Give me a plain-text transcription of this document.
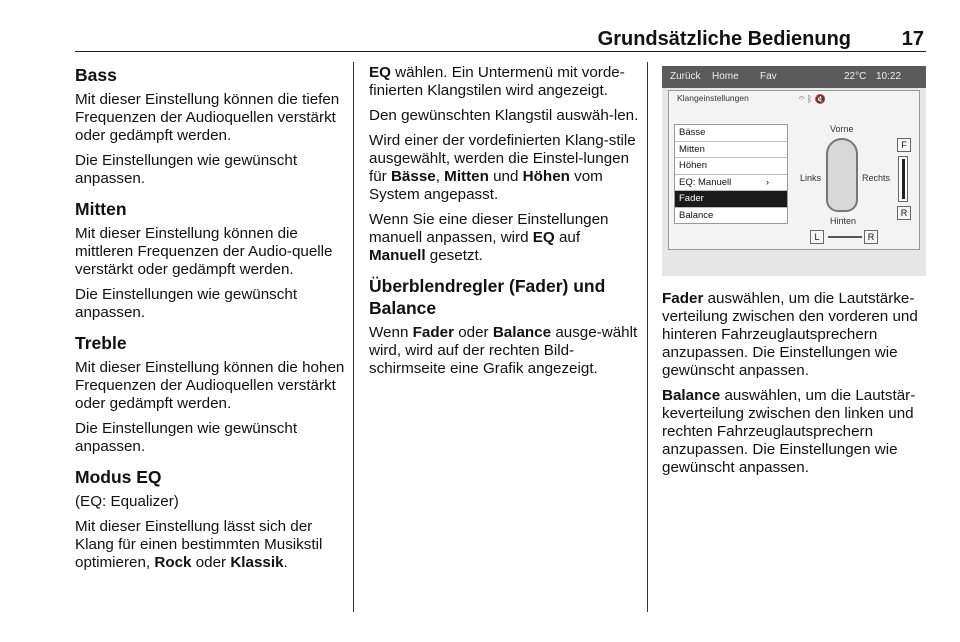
Grundsätzliche Bedienung	17
Bass

Mit dieser Einstellung können die tiefen Frequenzen der Audioquellen verstärkt oder gedämpft werden.

Die Einstellungen wie gewünscht anpassen.

Mitten

Mit dieser Einstellung können die mittleren Frequenzen der Audio-quelle verstärkt oder gedämpft werden.

Die Einstellungen wie gewünscht anpassen.

Treble

Mit dieser Einstellung können die hohen Frequenzen der Audioquellen verstärkt oder gedämpft werden.

Die Einstellungen wie gewünscht anpassen.

Modus EQ

(EQ: Equalizer)

Mit dieser Einstellung lässt sich der Klang für einen bestimmten Musikstil optimieren, Rock oder Klassik.

EQ wählen. Ein Untermenü mit vorde-finierten Klangstilen wird angezeigt.

Den gewünschten Klangstil auswäh-len.

Wird einer der vordefinierten Klang-stile ausgewählt, werden die Einstel-lungen für Bässe, Mitten und Höhen vom System angepasst.

Wenn Sie eine dieser Einstellungen manuell anpassen, wird EQ auf Manuell gesetzt.

Überblendregler (Fader) und Balance

Wenn Fader oder Balance ausge-wählt wird, wird auf der rechten Bild-schirmseite eine Grafik angezeigt.

Zurück Home Fav	22°C 10:22
Klangeinstellungen	⌔ ᛒ 🔇
Bässe
Mitten
Höhen
EQ: Manuell	›
Fader
Balance
Vorne
Hinten
Links	Rechts
F
R
L	R

Fader auswählen, um die Lautstärke-verteilung zwischen den vorderen und hinteren Fahrzeuglautsprechern anzupassen. Die Einstellungen wie gewünscht anpassen.

Balance auswählen, um die Lautstär-keverteilung zwischen den linken und rechten Fahrzeuglautsprechern anzupassen. Die Einstellungen wie gewünscht anpassen.
